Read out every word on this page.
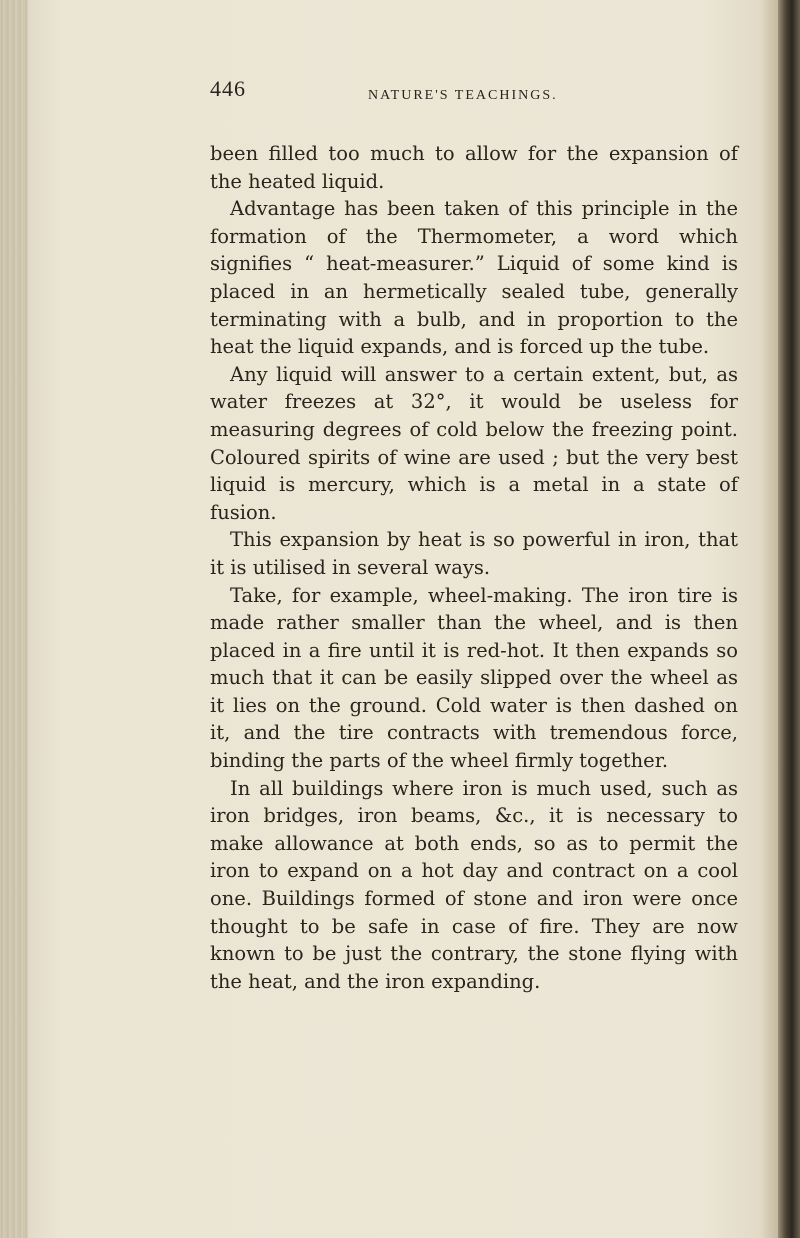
446	NATURE'S TEACHINGS.

been filled too much to allow for the expansion of the heated liquid.

Advantage has been taken of this principle in the formation of the Thermometer, a word which signifies “ heat-measurer.” Liquid of some kind is placed in an hermetically sealed tube, generally terminating with a bulb, and in proportion to the heat the liquid expands, and is forced up the tube.

Any liquid will answer to a certain extent, but, as water freezes at 32°, it would be useless for measuring degrees of cold below the freezing point. Coloured spirits of wine are used ; but the very best liquid is mercury, which is a metal in a state of fusion.

This expansion by heat is so powerful in iron, that it is utilised in several ways.

Take, for example, wheel-making. The iron tire is made rather smaller than the wheel, and is then placed in a fire until it is red-hot. It then expands so much that it can be easily slipped over the wheel as it lies on the ground. Cold water is then dashed on it, and the tire contracts with tremendous force, binding the parts of the wheel firmly together.

In all buildings where iron is much used, such as iron bridges, iron beams, &c., it is necessary to make allowance at both ends, so as to permit the iron to expand on a hot day and contract on a cool one. Buildings formed of stone and iron were once thought to be safe in case of fire. They are now known to be just the contrary, the stone flying with the heat, and the iron expanding.
